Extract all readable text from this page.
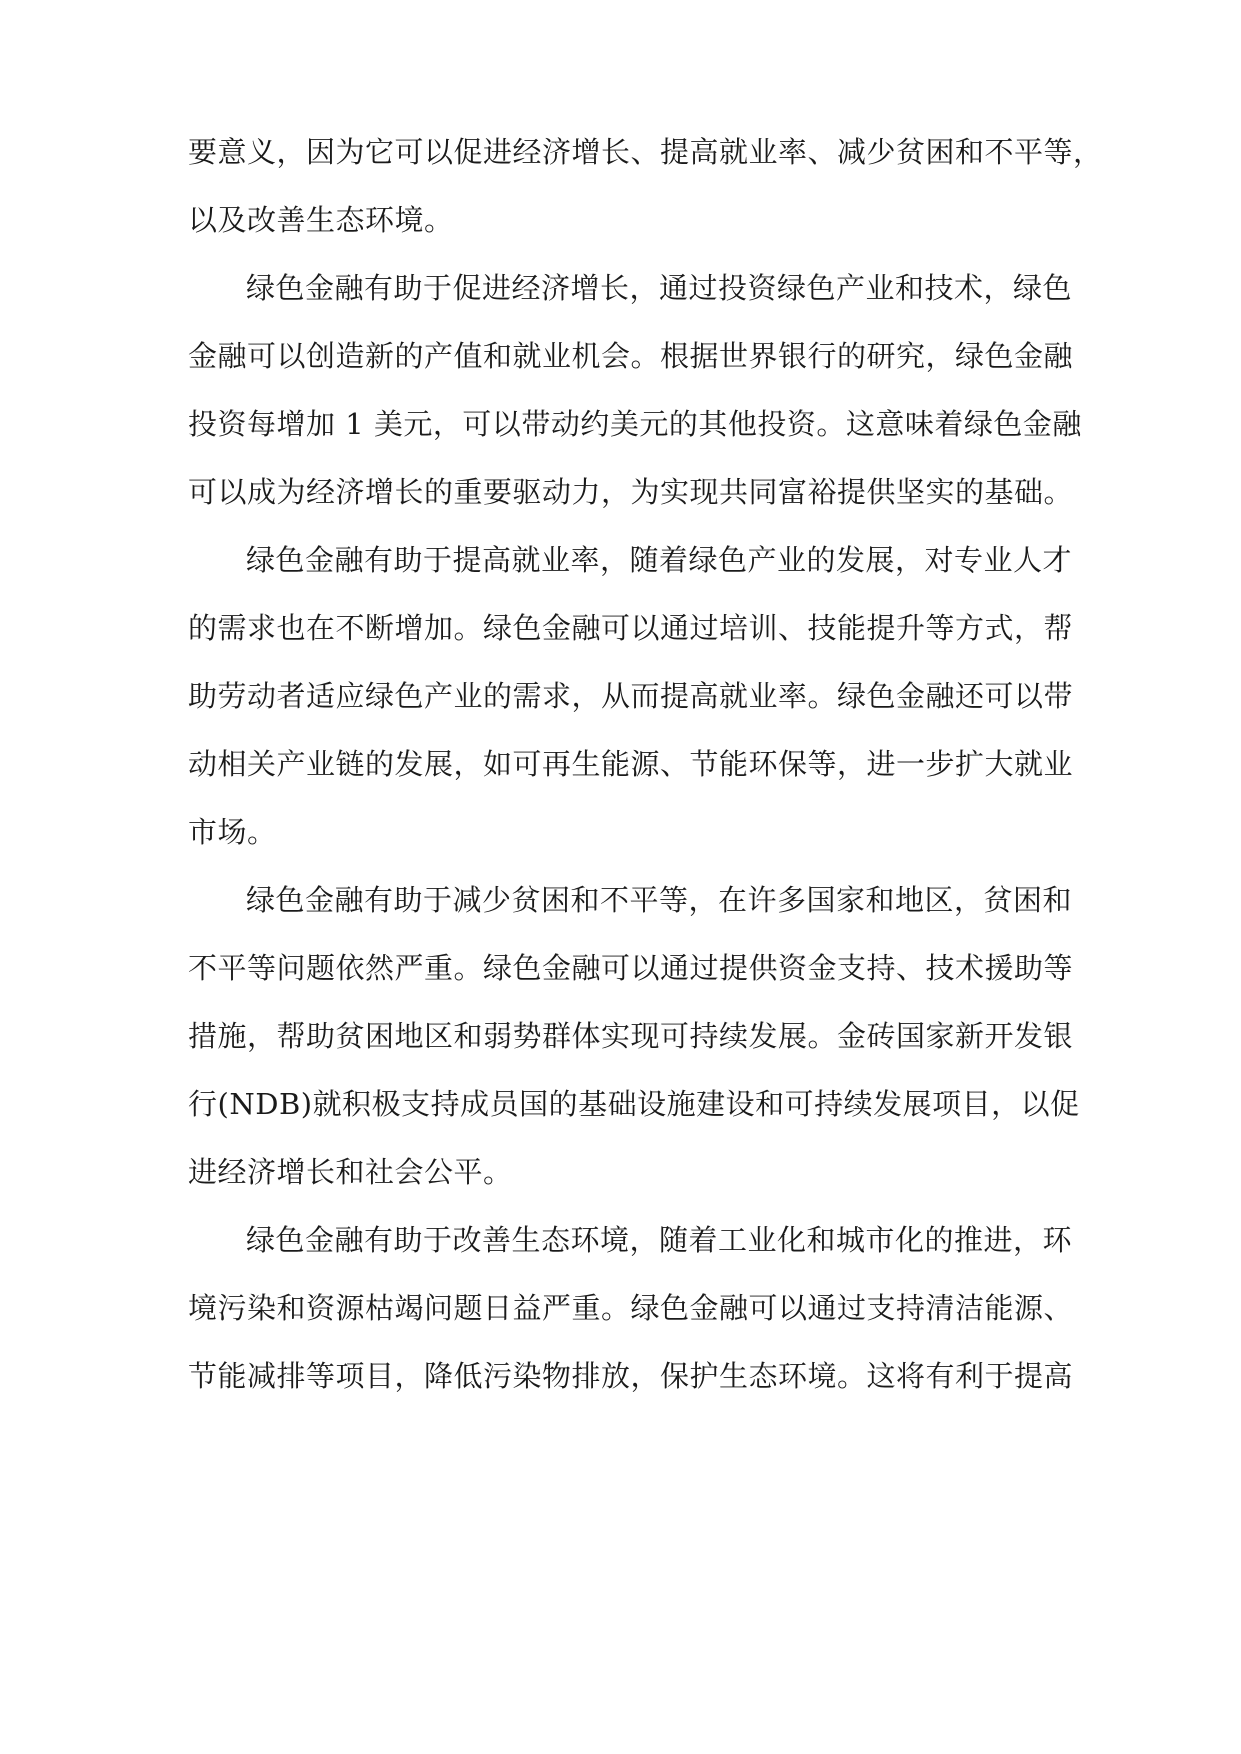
要意义，因为它可以促进经济增长、提高就业率、减少贫困和不平等，
以及改善生态环境。
绿色金融有助于促进经济增长，通过投资绿色产业和技术，绿色
金融可以创造新的产值和就业机会。根据世界银行的研究，绿色金融
投资每增加 1 美元，可以带动约美元的其他投资。这意味着绿色金融
可以成为经济增长的重要驱动力，为实现共同富裕提供坚实的基础。
绿色金融有助于提高就业率，随着绿色产业的发展，对专业人才
的需求也在不断增加。绿色金融可以通过培训、技能提升等方式，帮
助劳动者适应绿色产业的需求，从而提高就业率。绿色金融还可以带
动相关产业链的发展，如可再生能源、节能环保等，进一步扩大就业
市场。
绿色金融有助于减少贫困和不平等，在许多国家和地区，贫困和
不平等问题依然严重。绿色金融可以通过提供资金支持、技术援助等
措施，帮助贫困地区和弱势群体实现可持续发展。金砖国家新开发银
行(NDB)就积极支持成员国的基础设施建设和可持续发展项目，以促
进经济增长和社会公平。
绿色金融有助于改善生态环境，随着工业化和城市化的推进，环
境污染和资源枯竭问题日益严重。绿色金融可以通过支持清洁能源、
节能减排等项目，降低污染物排放，保护生态环境。这将有利于提高
